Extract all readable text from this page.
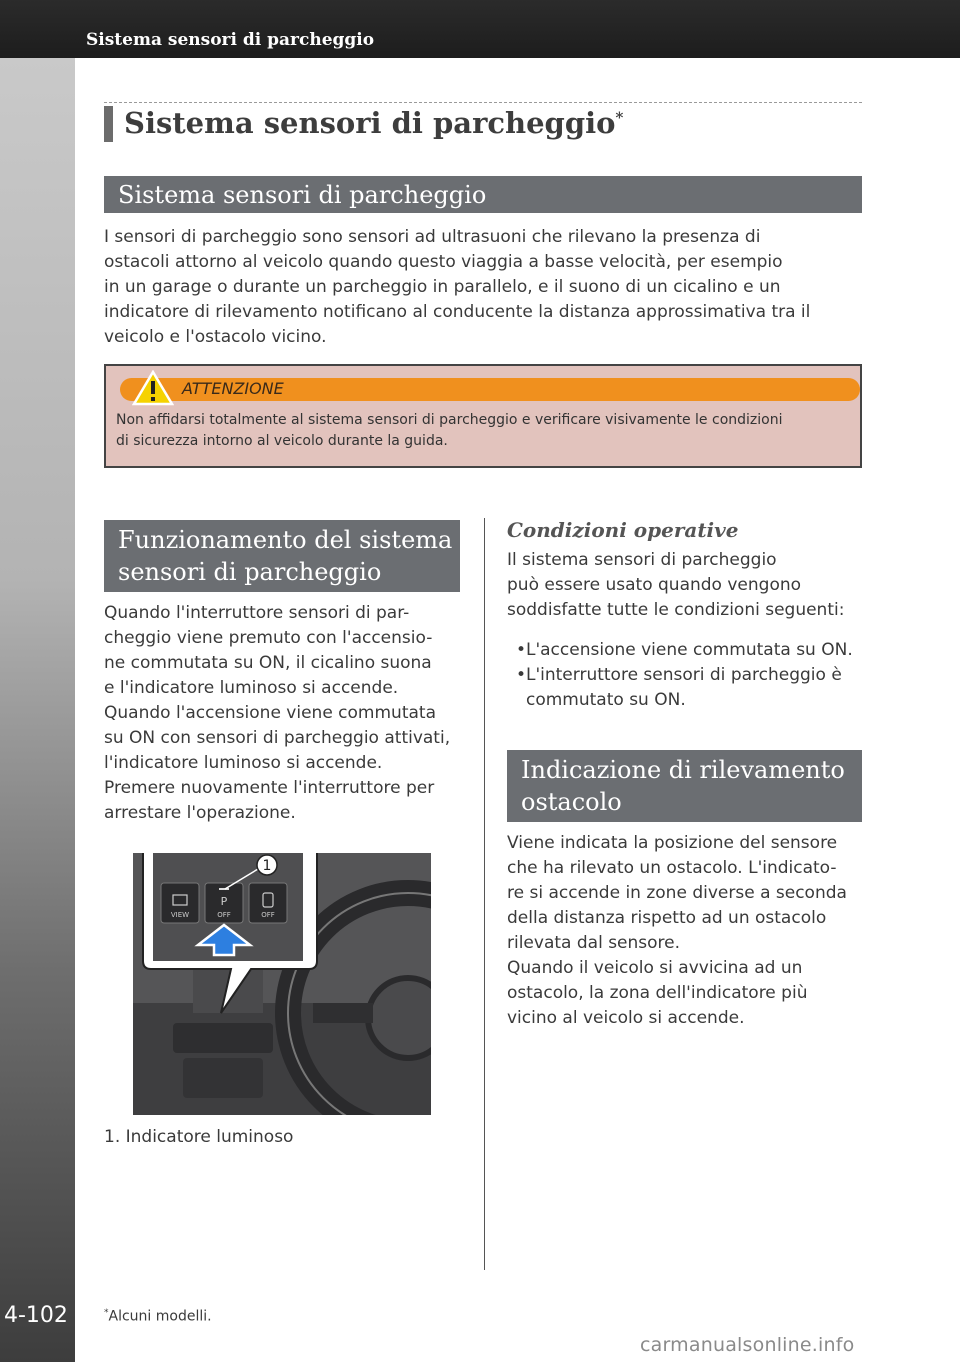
Sistema sensori di parcheggio
4-102
Sistema sensori di parcheggio*
Sistema sensori di parcheggio
I sensori di parcheggio sono sensori ad ultrasuoni che rilevano la presenza di
ostacoli attorno al veicolo quando questo viaggia a basse velocità, per esempio
in un garage o durante un parcheggio in parallelo, e il suono di un cicalino e un
indicatore di rilevamento notificano al conducente la distanza approssimativa tra il
veicolo e l'ostacolo vicino.
ATTENZIONE
Non affidarsi totalmente al sistema sensori di parcheggio e verificare visivamente le condizioni
di sicurezza intorno al veicolo durante la guida.
Funzionamento del sistema
sensori di parcheggio
Quando l'interruttore sensori di par-
cheggio viene premuto con l'accensio-
ne commutata su ON, il cicalino suona
e l'indicatore luminoso si accende.
Quando l'accensione viene commutata
su ON con sensori di parcheggio attivati,
l'indicatore luminoso si accende.
Premere nuovamente l'interruttore per
arrestare l'operazione.
VIEW	OFF	OFF
P
1
1. Indicatore luminoso
Condizioni operative
Il sistema sensori di parcheggio
può essere usato quando vengono
soddisfatte tutte le condizioni seguenti:
• L'accensione viene commutata su ON.
• L'interruttore sensori di parcheggio è commutato su ON.
Indicazione di rilevamento
ostacolo
Viene indicata la posizione del sensore
che ha rilevato un ostacolo. L'indicato-
re si accende in zone diverse a seconda
della distanza rispetto ad un ostacolo
rilevata dal sensore.
Quando il veicolo si avvicina ad un
ostacolo, la zona dell'indicatore più
vicino al veicolo si accende.
*Alcuni modelli.
carmanualsonline.info
